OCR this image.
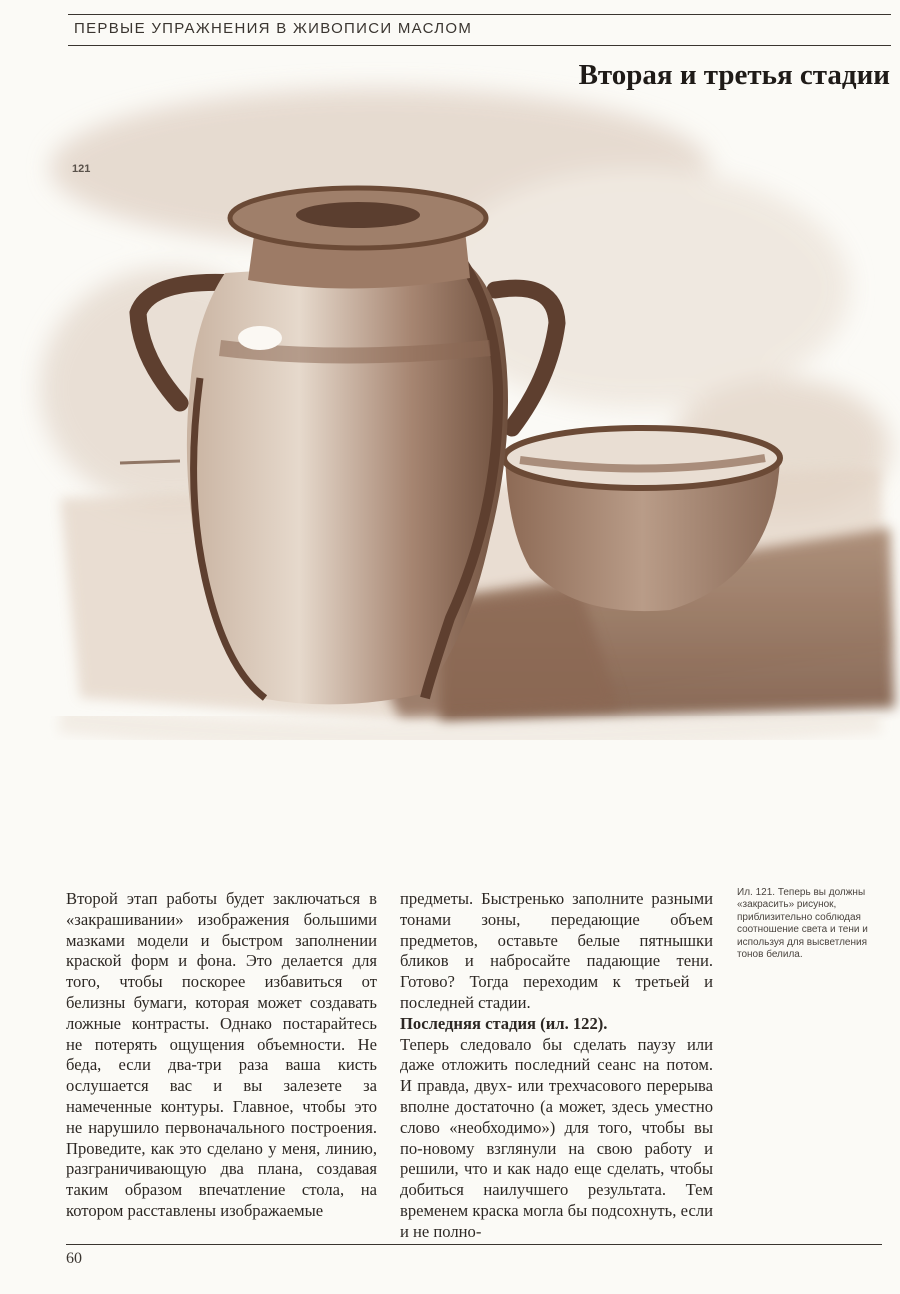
ПЕРВЫЕ УПРАЖНЕНИЯ В ЖИВОПИСИ МАСЛОМ
Вторая и третья стадии
121

Второй этап работы будет заключаться в «закрашивании» изображения большими мазками модели и быстром заполнении краской форм и фона. Это делается для того, чтобы поскорее избавиться от белизны бумаги, которая может создавать ложные контрасты. Однако постарайтесь не потерять ощущения объемности. Не беда, если два-три раза ваша кисть ослушается вас и вы залезете за намеченные контуры. Главное, чтобы это не нарушило первоначального построения. Проведите, как это сделано у меня, линию, разграничивающую два плана, создавая таким образом впечатление стола, на котором расставлены изображаемые

предметы. Быстренько заполните разными тонами зоны, передающие объем предметов, оставьте белые пятнышки бликов и набросайте падающие тени. Готово? Тогда переходим к третьей и последней стадии.

Последняя стадия (ил. 122).

Теперь следовало бы сделать паузу или даже отложить последний сеанс на потом. И правда, двух- или трехчасового перерыва вполне достаточно (а может, здесь уместно слово «необходимо») для того, чтобы вы по-новому взглянули на свою работу и решили, что и как надо еще сделать, чтобы добиться наилучшего результата. Тем временем краска могла бы подсохнуть, если и не полно-

Ил. 121. Теперь вы должны «закрасить» рисунок, приблизительно соблюдая соотношение света и тени и используя для высветления тонов белила.
60
